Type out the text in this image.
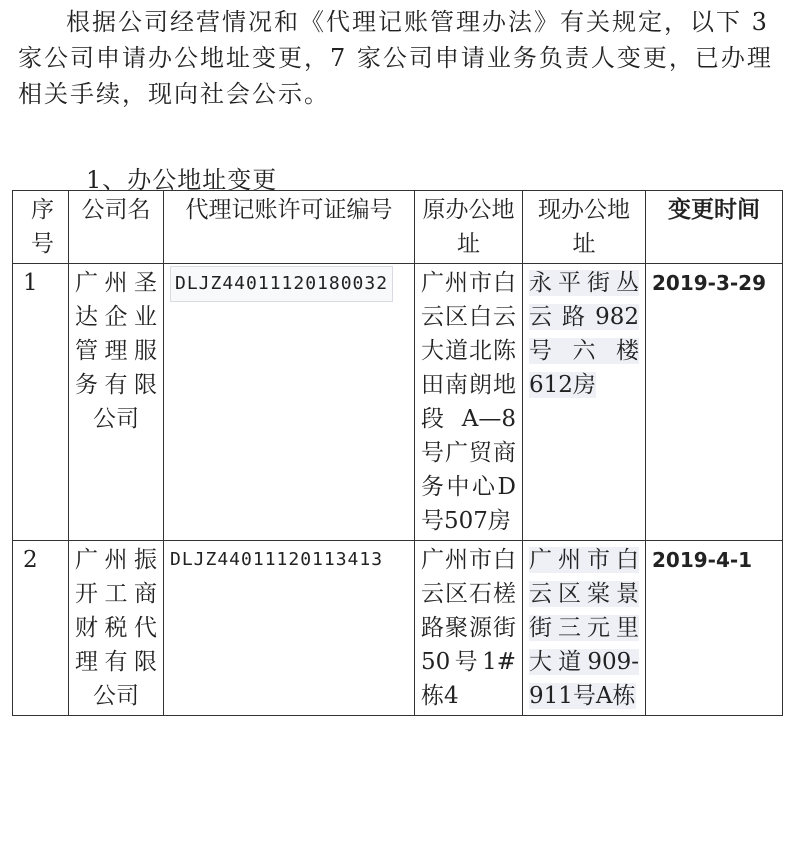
根据公司经营情况和《代理记账管理办法》有关规定，以下 3 家公司申请办公地址变更，7 家公司申请业务负责人变更，已办理相关手续，现向社会公示。

1、办公地址变更

序号	公司名	代理记账许可证编号	原办公地址	现办公地址	变更时间
1	广州圣达企业管理服务有限公司	DLJZ44011120180032	广州市白云区白云大道北陈田南朗地段A—8号广贸商务中心D号507房	永平街丛云路982号六楼612房	2019-3-29
2	广州振开工商财税代理有限公司	DLJZ44011120113413	广州市白云区石槎路聚源街50号1#栋4	广州市白云区棠景街三元里大道909-911号A栋	2019-4-1
